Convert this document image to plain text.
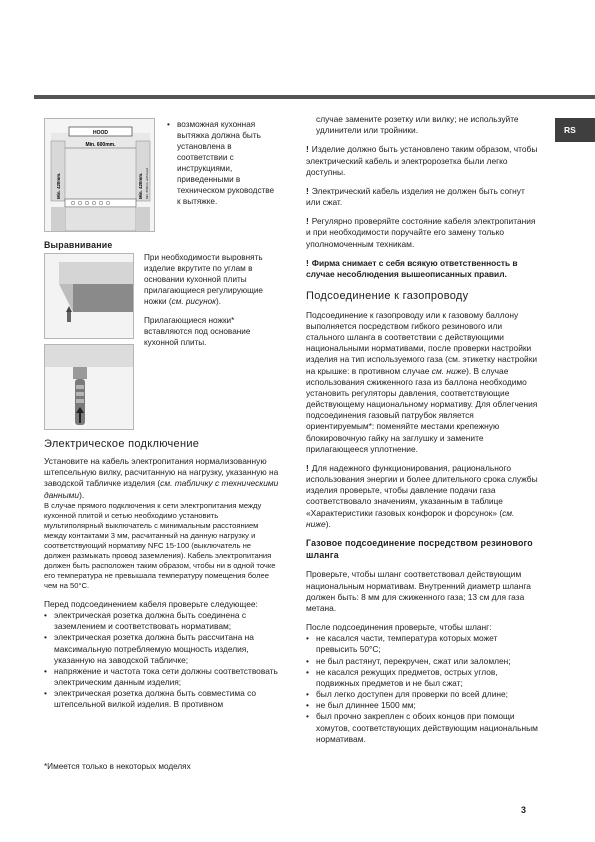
RS
HOOD
Min. 600mm.
Min. 420mm.	Min. 420mm. Min. 650mm. with hood
• возможная кухонная вытяжка должна быть установлена в соответствии с инструкциями, приведенными в техническом руководстве к вытяжке.
Выравнивание
При необходимости выровнять изделие вкрутите по углам в основании кухонной плиты прилагающиеся регулирующие ножки (см. рисунок).
Прилагающиеся ножки* вставляются под основание кухонной плиты.
Электрическое подключение
Установите на кабель электропитания нормализованную штепсельную вилку, расчитанную на нагрузку, указанную на заводской табличке изделия (см. табличку с техническими данными).
В случае прямого подключения к сети электропитания между кухонной плитой и сетью необходимо установить мультиполярный выключатель с минимальным расстоянием между контактами 3 мм, расчитанный на данную нагрузку и соответствующий нормативу NFC 15-100 (выключатель не должен размыкать провод заземления). Кабель электропитания должен быть расположен таким образом, чтобы ни в одной точке его температура не превышала температуру помещения более чем на 50°C.
Перед подсоединением кабеля проверьте следующее:
• электрическая розетка должна быть соединена с заземлением и соответствовать нормативам;
• электрическая розетка должна быть рассчитана на максимальную потребляемую мощность изделия, указанную на заводской табличке;
• напряжение и частота тока сети должны соответствовать электрическим данным изделия;
• электрическая розетка должна быть совместима со штепсельной вилкой изделия. В противном
*Имеется только в некоторых моделях
случае замените розетку или вилку; не используйте удлинители или тройники.
! Изделие должно быть установлено таким образом, чтобы электрический кабель и электророзетка были легко доступны.
! Электрический кабель изделия не должен быть согнут или сжат.
! Регулярно проверяйте состояние кабеля электропитания и при необходимости поручайте его замену только уполномоченным техникам.
! Фирма снимает с себя всякую ответственность в случае несоблюдения вышеописанных правил.
Подсоединение к газопроводу
Подсоединение к газопроводу или к газовому баллону выполняется посредством гибкого резинового или стального шланга в соответствии с действующими национальными нормативами, после проверки настройки изделия на тип используемого газа (см. этикетку настройки на крышке: в противном случае см. ниже). В случае использования сжиженного газа из баллона необходимо установить регуляторы давления, соответствующие действующему национальному нормативу. Для облегчения подсоединения газовый патрубок является ориентируемым*: поменяйте местами крепежную блокировочную гайку на заглушку и замените прилагающееся уплотнение.
! Для надежного функционирования, рационального использования энергии и более длительного срока службы изделия проверьте, чтобы давление подачи газа соответствовало значениям, указанным в таблице «Характеристики газовых конфорок и форсунок» (см. ниже).
Газовое подсоединение посредством резинового шланга
Проверьте, чтобы шланг соответствовал действующим национальным нормативам. Внутренний диаметр шланга должен быть: 8 мм для сжиженного газа; 13 см для газа метана.
После подсоединения проверьте, чтобы шланг:
• не касался части, температура которых может превысить 50°C;
• не был растянут, перекручен, сжат или заломлен;
• не касался режущих предметов, острых углов, подвижных предметов и не был сжат;
• был легко доступен для проверки по всей длине;
• не был длиннее 1500 мм;
• был прочно закреплен с обоих концов при помощи хомутов, соответствующих действующим национальным нормативам.
3
